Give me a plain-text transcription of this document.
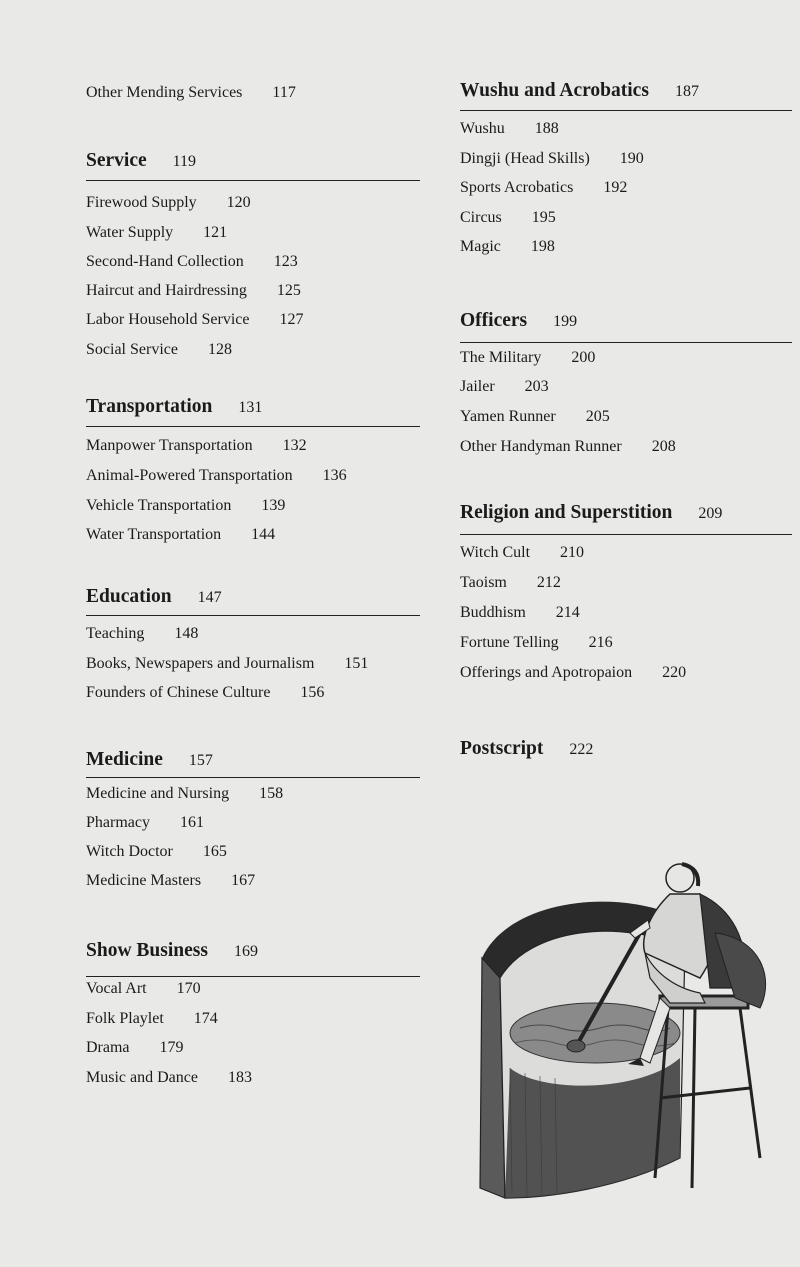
Other Mending Services 117
Service 119
Firewood Supply 120
Water Supply 121
Second-Hand Collection 123
Haircut and Hairdressing 125
Labor Household Service 127
Social Service 128
Transportation 131
Manpower Transportation 132
Animal-Powered Transportation 136
Vehicle Transportation 139
Water Transportation 144
Education 147
Teaching 148
Books, Newspapers and Journalism 151
Founders of Chinese Culture 156
Medicine 157
Medicine and Nursing 158
Pharmacy 161
Witch Doctor 165
Medicine Masters 167
Show Business 169
Vocal Art 170
Folk Playlet 174
Drama 179
Music and Dance 183
Wushu and Acrobatics 187
Wushu 188
Dingji (Head Skills) 190
Sports Acrobatics 192
Circus 195
Magic 198
Officers 199
The Military 200
Jailer 203
Yamen Runner 205
Other Handyman Runner 208
Religion and Superstition 209
Witch Cult 210
Taoism 212
Buddhism 214
Fortune Telling 216
Offerings and Apotropaion 220
Postscript 222
